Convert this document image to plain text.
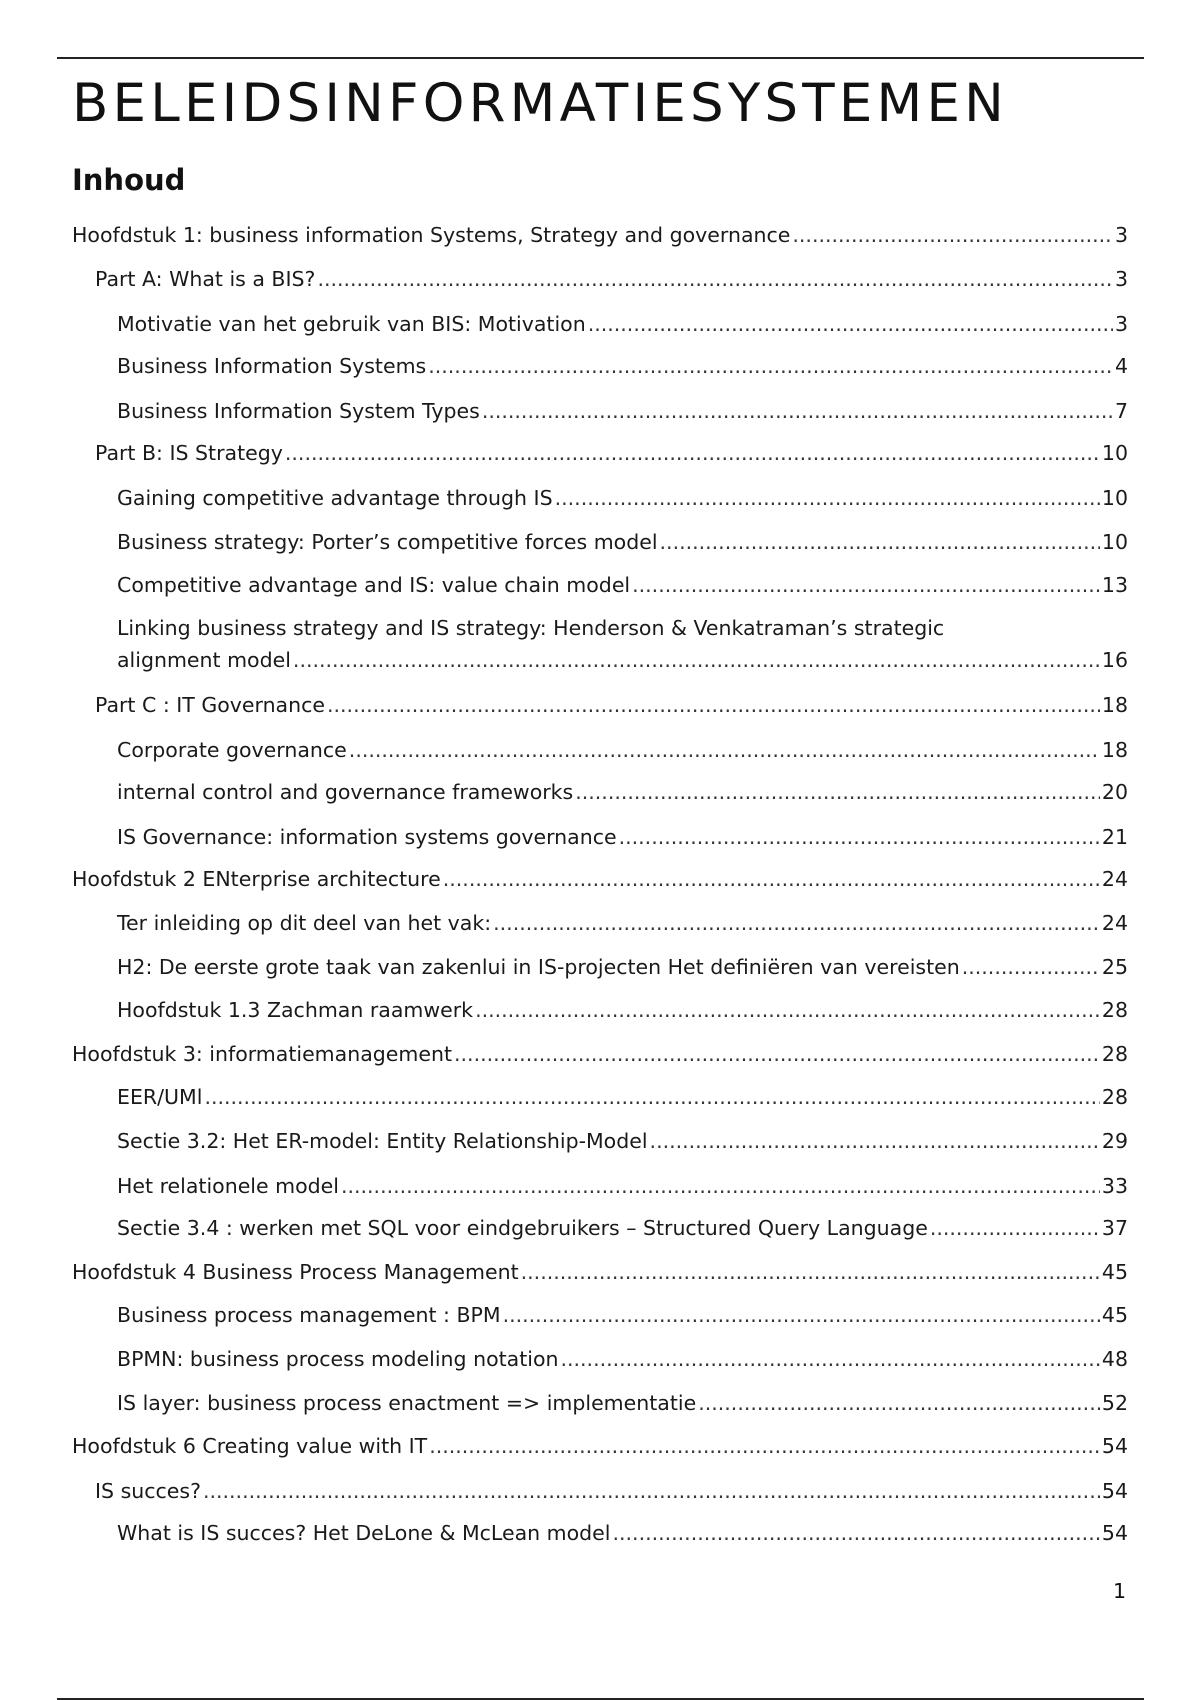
BELEIDSINFORMATIESYSTEMEN
Inhoud
Hoofdstuk 1: business information Systems, Strategy and governance .....	3
Part A: What is a BIS? .....	3
Motivatie van het gebruik van BIS: Motivation .....	3
Business Information Systems .....	4
Business Information System Types .....	7
Part B: IS Strategy .....	10
Gaining competitive advantage through IS .....	10
Business strategy: Porter’s competitive forces model .....	10
Competitive advantage and IS: value chain model .....	13
Linking business strategy and IS strategy: Henderson & Venkatraman’s strategic
alignment model .....	16
Part C : IT Governance .....	18
Corporate governance .....	18
internal control and governance frameworks .....	20
IS Governance: information systems governance .....	21
Hoofdstuk 2 ENterprise architecture .....	24
Ter inleiding op dit deel van het vak: .....	24
H2: De eerste grote taak van zakenlui in IS-projecten Het definiëren van vereisten .....	25
Hoofdstuk 1.3 Zachman raamwerk .....	28
Hoofdstuk 3: informatiemanagement .....	28
EER/UMl .....	28
Sectie 3.2: Het ER-model: Entity Relationship-Model .....	29
Het relationele model .....	33
Sectie 3.4 : werken met SQL voor eindgebruikers – Structured Query Language .....	37
Hoofdstuk 4 Business Process Management .....	45
Business process management : BPM .....	45
BPMN: business process modeling notation .....	48
IS layer: business process enactment => implementatie .....	52
Hoofdstuk 6 Creating value with IT .....	54
IS succes? .....	54
What is IS succes? Het DeLone & McLean model .....	54
1
